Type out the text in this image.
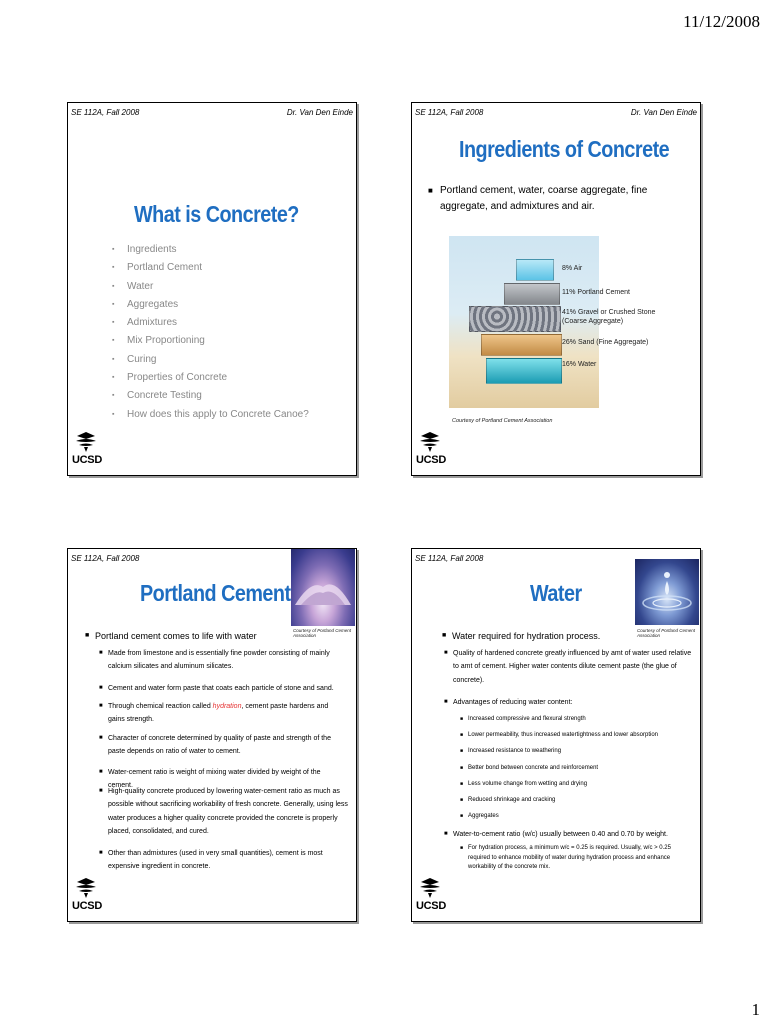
11/12/2008
SE 112A, Fall 2008	Dr. Van Den Einde
What is Concrete?
▪ Ingredients
▪ Portland Cement
▪ Water
▪ Aggregates
▪ Admixtures
▪ Mix Proportioning
▪ Curing
▪ Properties of Concrete
▪ Concrete Testing
▪ How does this apply to Concrete Canoe?
UCSD
SE 112A, Fall 2008	Dr. Van Den Einde
Ingredients of Concrete
■ Portland cement, water, coarse aggregate, fine aggregate, and admixtures and air.
8% Air
11% Portland Cement
41% Gravel or Crushed Stone (Coarse Aggregate)
26% Sand (Fine Aggregate)
16% Water
Courtesy of Portland Cement Association
UCSD
SE 112A, Fall 2008
Portland Cement
Courtesy of Portland Cement Association
■ Portland cement comes to life with water
■ Made from limestone and is essentially fine powder consisting of mainly calcium silicates and aluminum silicates.
■ Cement and water form paste that coats each particle of stone and sand.
■ Through chemical reaction called hydration, cement paste hardens and gains strength.
■ Character of concrete determined by quality of paste and strength of the paste depends on ratio of water to cement.
■ Water-cement ratio is weight of mixing water divided by weight of the cement.
■ High-quality concrete produced by lowering water-cement ratio as much as possible without sacrificing workability of fresh concrete. Generally, using less water produces a higher quality concrete provided the concrete is properly placed, consolidated, and cured.
■ Other than admixtures (used in very small quantities), cement is most expensive ingredient in concrete.
UCSD
SE 112A, Fall 2008
Water
Courtesy of Portland Cement Association
■ Water required for hydration process.
■ Quality of hardened concrete greatly influenced by amt of water used relative to amt of cement. Higher water contents dilute cement paste (the glue of concrete).
■ Advantages of reducing water content:
■ Increased compressive and flexural strength
■ Lower permeability, thus increased watertightness and lower absorption
■ Increased resistance to weathering
■ Better bond between concrete and reinforcement
■ Less volume change from wetting and drying
■ Reduced shrinkage and cracking
■ Aggregates
■ Water-to-cement ratio (w/c) usually between 0.40 and 0.70 by weight.
■ For hydration process, a minimum w/c = 0.25 is required. Usually, w/c > 0.25 required to enhance mobility of water during hydration process and enhance workability of the concrete mix.
UCSD
1
